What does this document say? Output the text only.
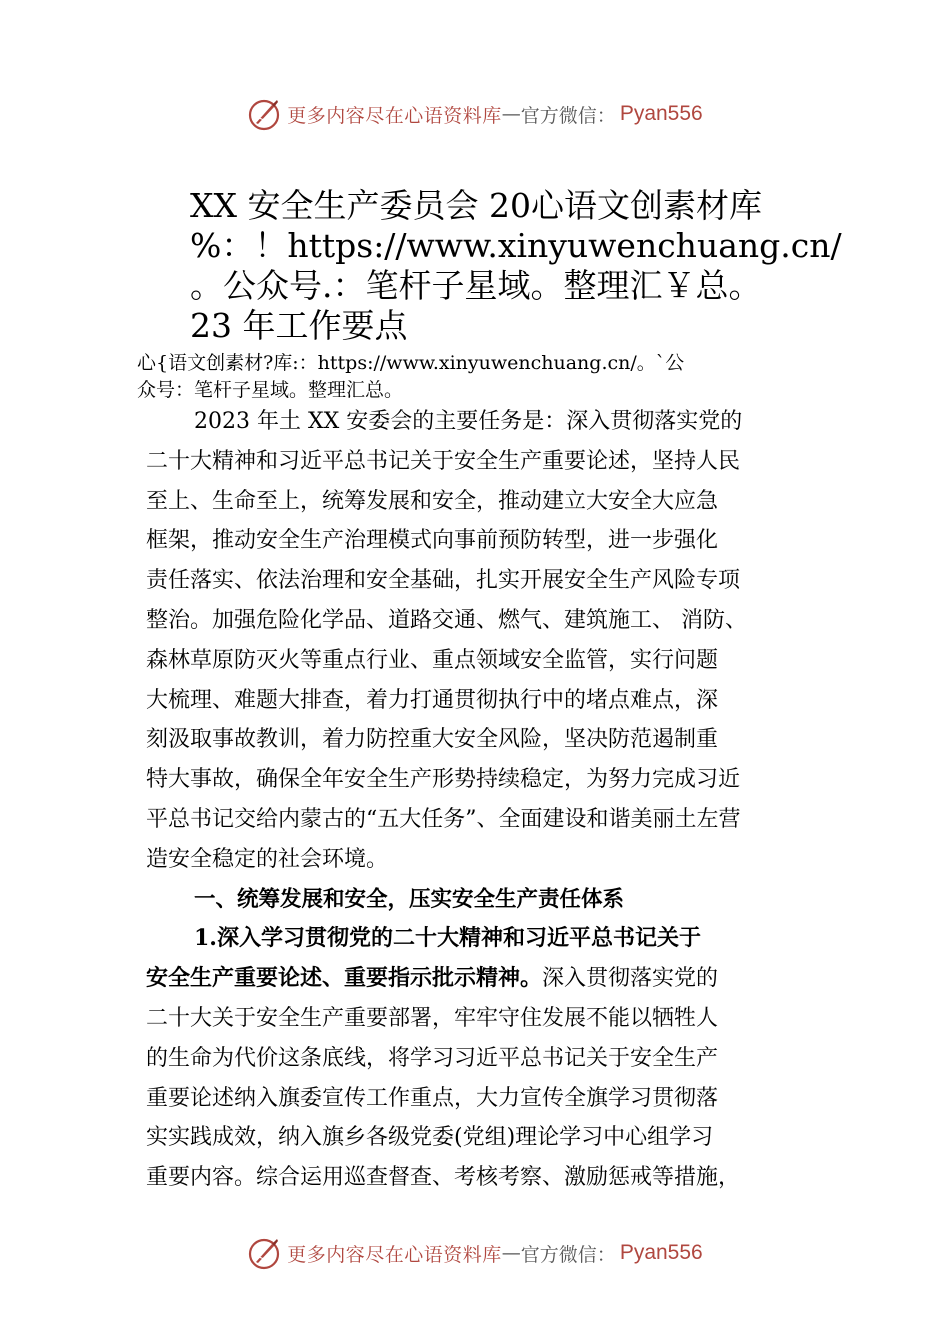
更多内容尽在心语资料库 — 官方微信： Pyan556
XX 安全生产委员会 20心语文创素材库
%：！https://www.xinyuwenchuang.cn/
。公众号.：笔杆子星域。整理汇￥总。
23 年工作要点

心{语文创素材?库:：https://www.xinyuwenchuang.cn/。`公
众号：笔杆子星域。整理汇总。

2023 年土 XX 安委会的主要任务是：深入贯彻落实党的
二十大精神和习近平总书记关于安全生产重要论述，坚持人民
至上、生命至上，统筹发展和安全，推动建立大安全大应急
框架，推动安全生产治理模式向事前预防转型，进一步强化
责任落实、依法治理和安全基础，扎实开展安全生产风险专项
整治。加强危险化学品、道路交通、燃气、建筑施工、 消防、
森林草原防灭火等重点行业、重点领域安全监管，实行问题
大梳理、难题大排查，着力打通贯彻执行中的堵点难点，深
刻汲取事故教训，着力防控重大安全风险，坚决防范遏制重
特大事故，确保全年安全生产形势持续稳定，为努力完成习近
平总书记交给内蒙古的“五大任务”、全面建设和谐美丽土左营
造安全稳定的社会环境。
一、统筹发展和安全，压实安全生产责任体系
1.深入学习贯彻党的二十大精神和习近平总书记关于
安全生产重要论述、重要指示批示精神。深入贯彻落实党的
二十大关于安全生产重要部署，牢牢守住发展不能以牺牲人
的生命为代价这条底线，将学习习近平总书记关于安全生产
重要论述纳入旗委宣传工作重点，大力宣传全旗学习贯彻落
实实践成效，纳入旗乡各级党委(党组)理论学习中心组学习
重要内容。综合运用巡查督查、考核考察、激励惩戒等措施，
更多内容尽在心语资料库 — 官方微信： Pyan556
